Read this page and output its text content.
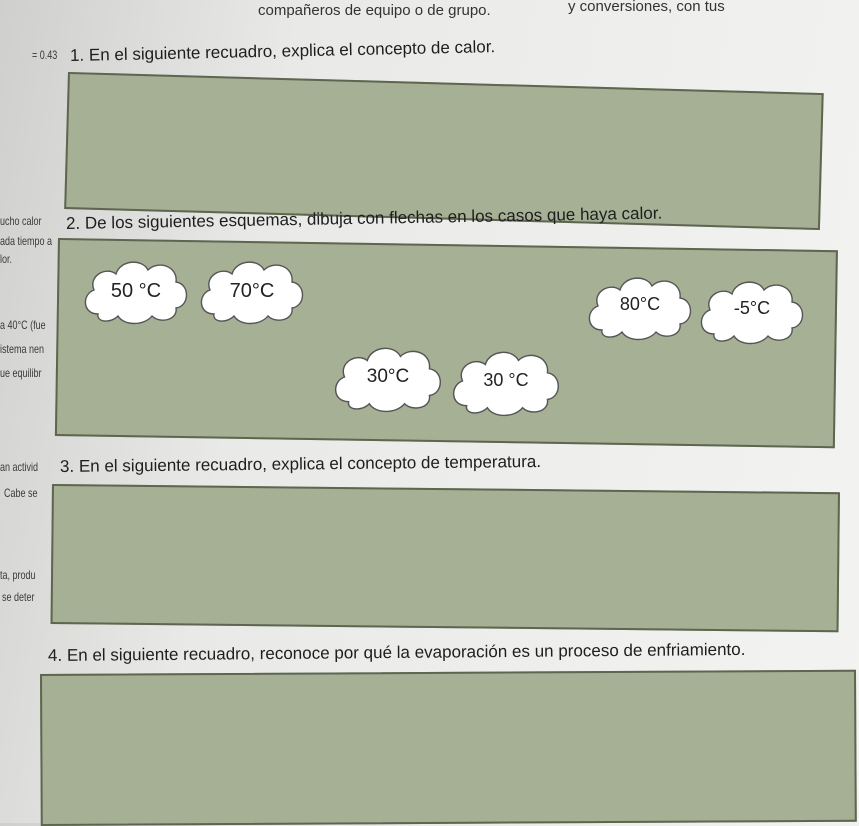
compañeros de equipo o de grupo.	y conversiones, con tus
= 0.43
ucho calor
ada tiempo a
lor.
a 40°C (fue
istema nen
ue equilibr
an activid
Cabe se
ta, produ
se deter
1. En el siguiente recuadro, explica el concepto de calor.
2. De los siguientes esquemas, dibuja con flechas en los casos que haya calor.
50 °C	70°C
80°C	-5°C
30°C	30 °C
3. En el siguiente recuadro, explica el concepto de temperatura.
4. En el siguiente recuadro, reconoce por qué la evaporación es un proceso de enfriamiento.
